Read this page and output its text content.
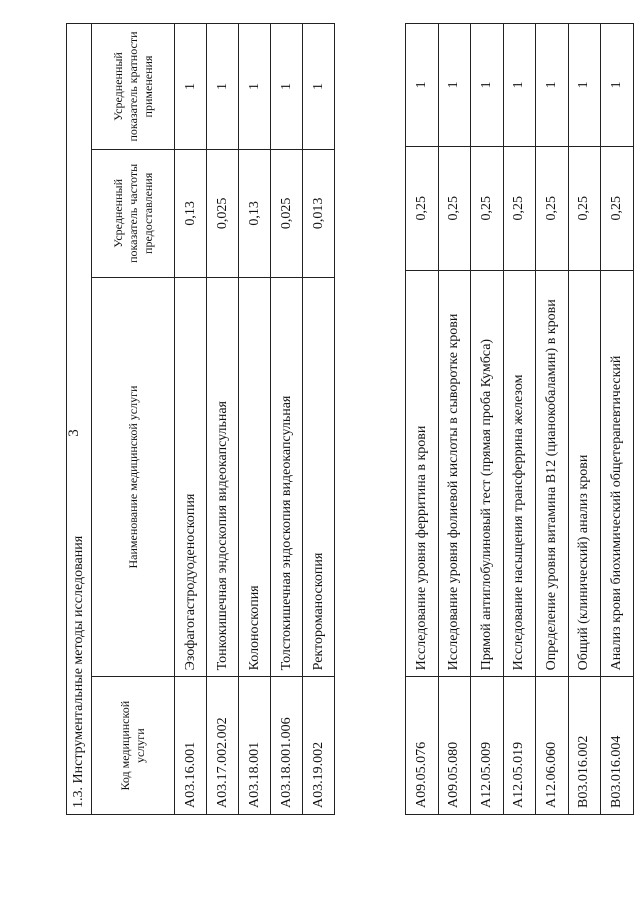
3
A09.05.076	Исследование уровня ферритина в крови	0,25	1
A09.05.080	Исследование уровня фолиевой кислоты в сыворотке крови	0,25	1
A12.05.009	Прямой антиглобулиновый тест (прямая проба Кумбса)	0,25	1
A12.05.019	Исследование насыщения трансферрина железом	0,25	1
A12.06.060	Определение уровня витамина B12 (цианокобаламин) в крови	0,25	1
B03.016.002	Общий (клинический) анализ крови	0,25	1
B03.016.004	Анализ крови биохимический общетерапевтический	0,25	1
1.3. Инструментальные методы исследования			
Код медицинской услуги	Наименование медицинской услуги	Усредненный показатель частоты предоставления	Усредненный показатель кратности применения
A03.16.001	Эзофагогастродуоденоскопия	0,13	1
A03.17.002.002	Тонкокишечная эндоскопия видеокапсульная	0,025	1
A03.18.001	Колоноскопия	0,13	1
A03.18.001.006	Толстокишечная эндоскопия видеокапсульная	0,025	1
A03.19.002	Ректороманоскопия	0,013	1
